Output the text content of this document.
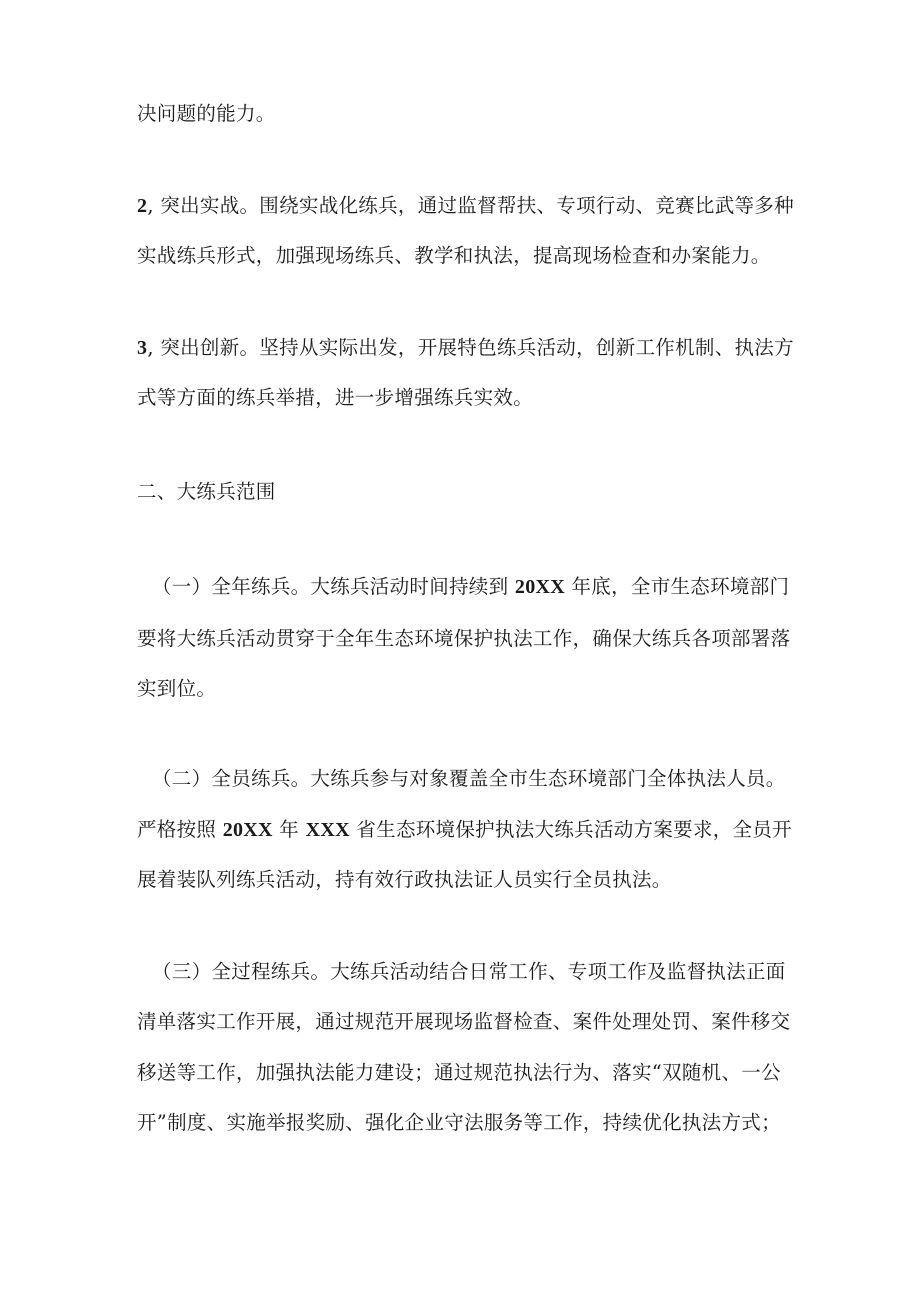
决问题的能力。
2, 突出实战。围绕实战化练兵，通过监督帮扶、专项行动、竞赛比武等多种
实战练兵形式，加强现场练兵、教学和执法，提高现场检查和办案能力。
3, 突出创新。坚持从实际出发，开展特色练兵活动，创新工作机制、执法方
式等方面的练兵举措，进一步增强练兵实效。
二、大练兵范围
（一）全年练兵。大练兵活动时间持续到 20XX 年底，全市生态环境部门
要将大练兵活动贯穿于全年生态环境保护执法工作，确保大练兵各项部署落
实到位。
（二）全员练兵。大练兵参与对象覆盖全市生态环境部门全体执法人员。
严格按照 20XX 年 XXX 省生态环境保护执法大练兵活动方案要求，全员开
展着装队列练兵活动，持有效行政执法证人员实行全员执法。
（三）全过程练兵。大练兵活动结合日常工作、专项工作及监督执法正面
清单落实工作开展，通过规范开展现场监督检查、案件处理处罚、案件移交
移送等工作，加强执法能力建设；通过规范执法行为、落实“双随机、一公
开”制度、实施举报奖励、强化企业守法服务等工作，持续优化执法方式；
